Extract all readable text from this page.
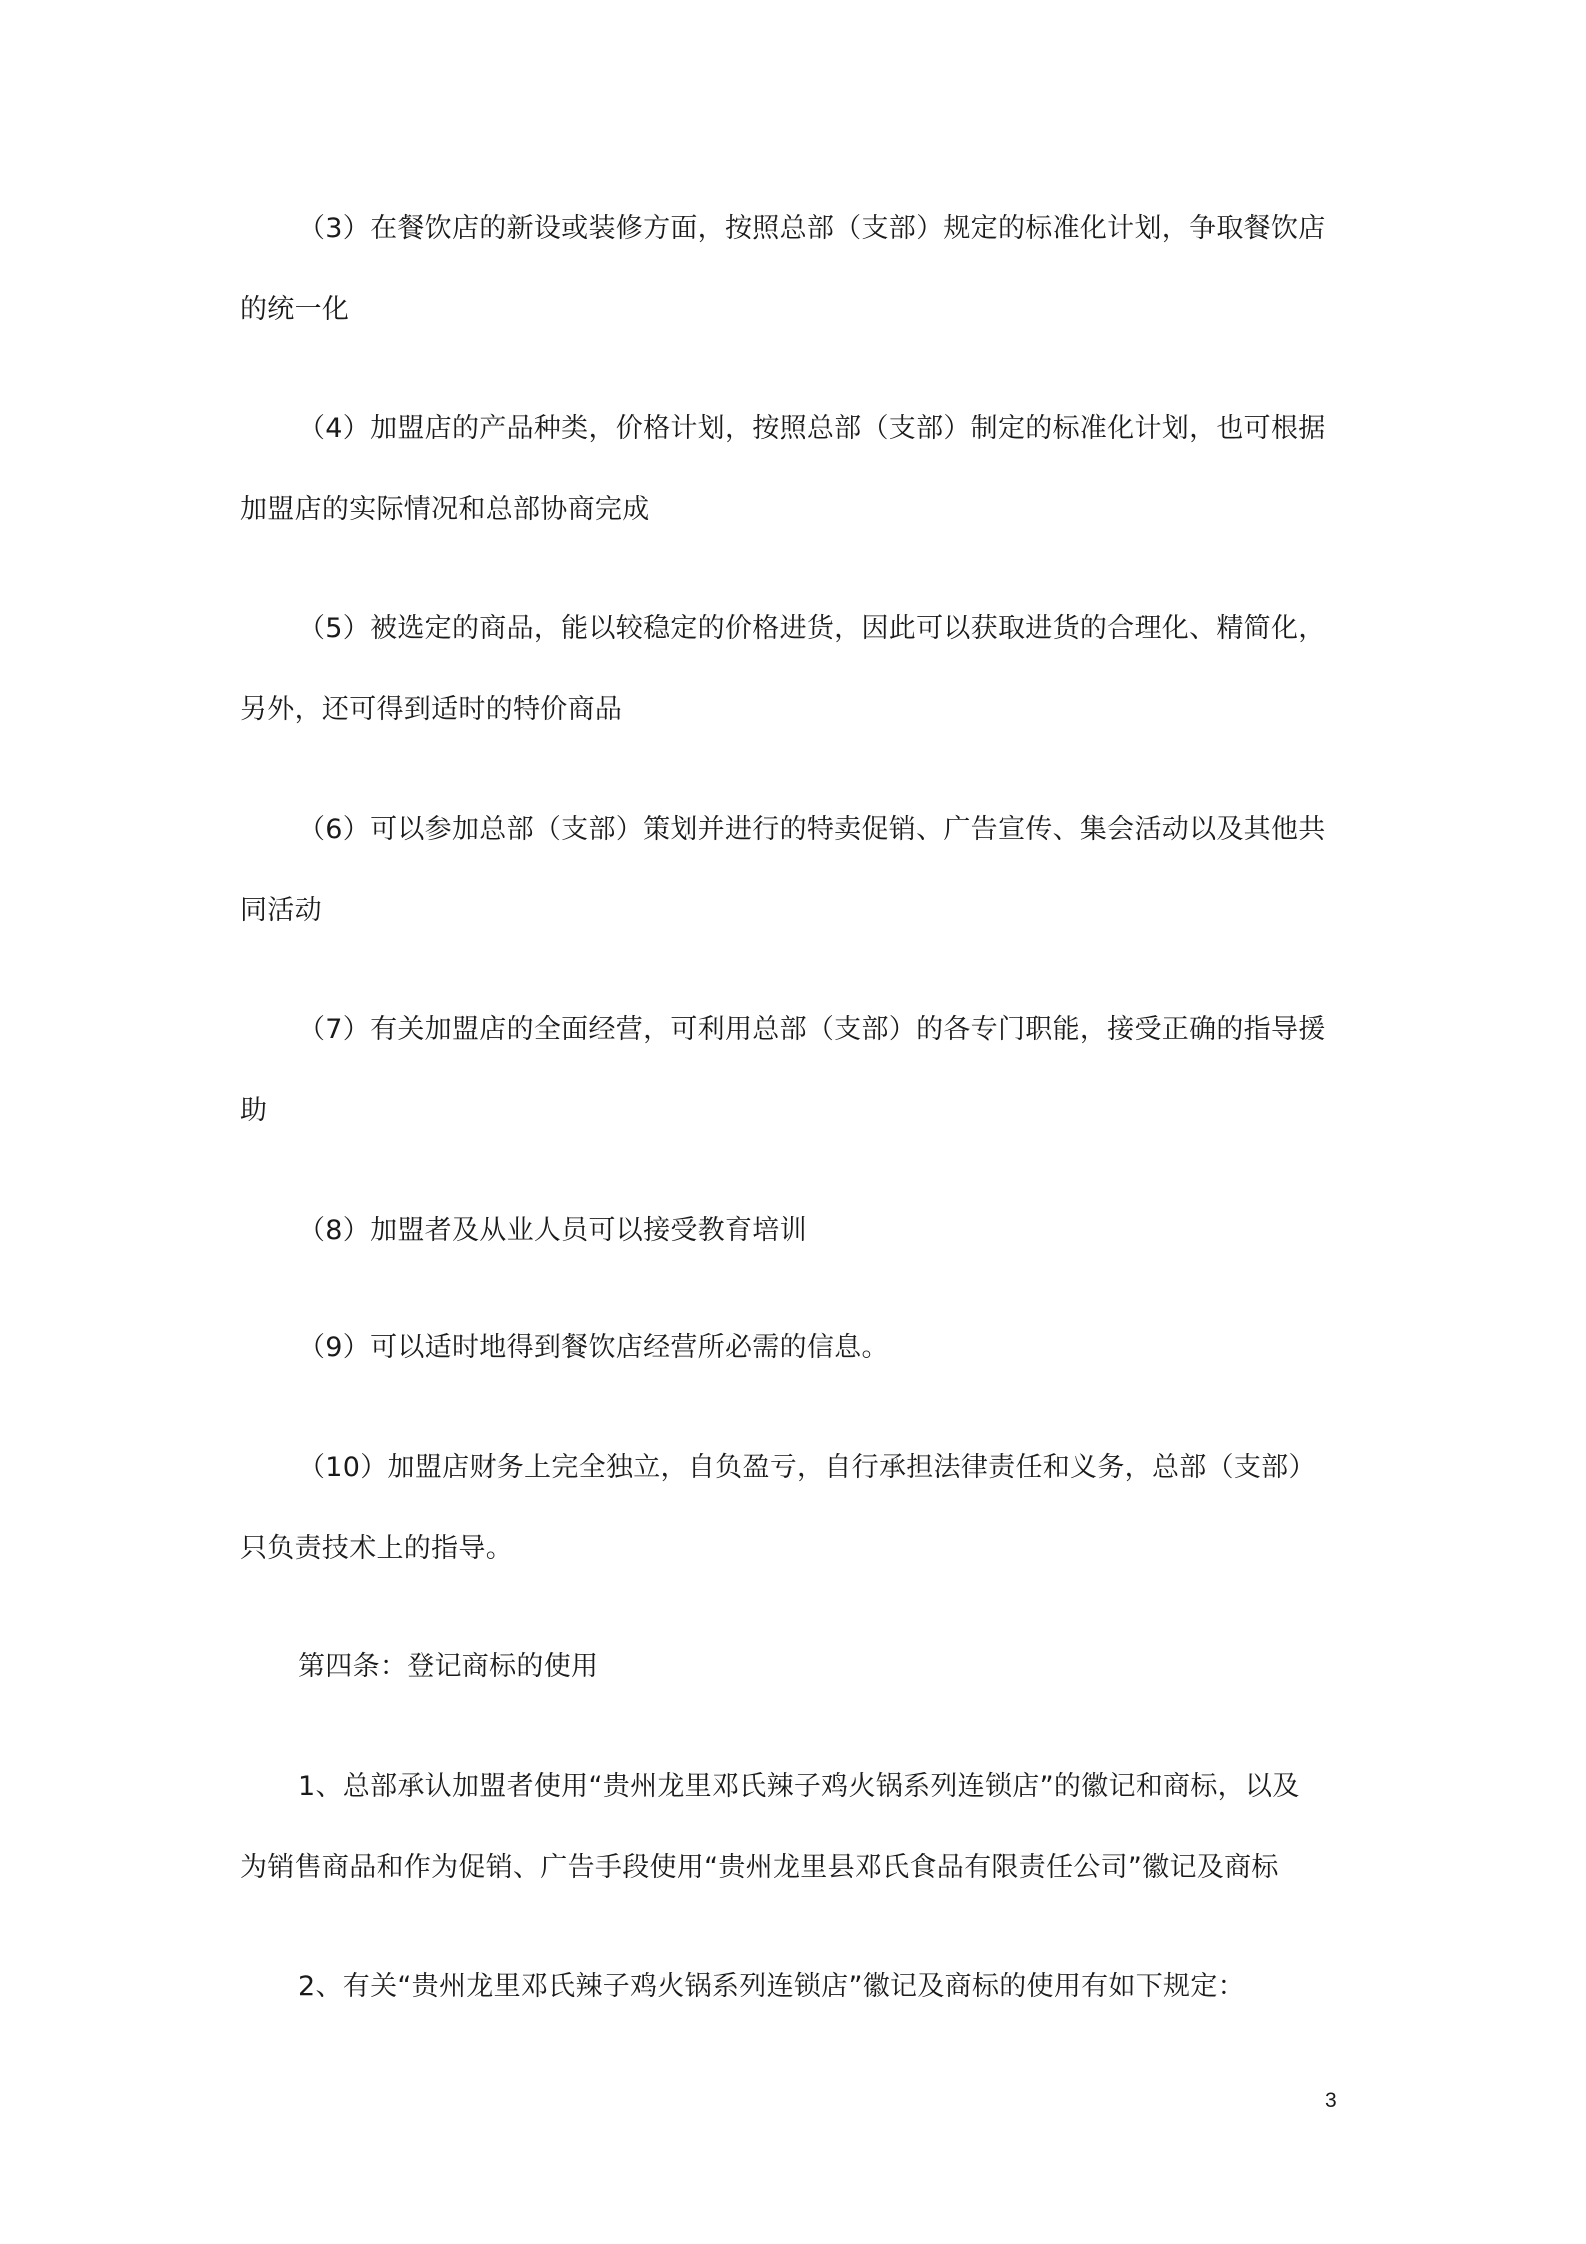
（3）在餐饮店的新设或装修方面，按照总部（支部）规定的标准化计划，争取餐饮店
的统一化
（4）加盟店的产品种类，价格计划，按照总部（支部）制定的标准化计划，也可根据
加盟店的实际情况和总部协商完成
（5）被选定的商品，能以较稳定的价格进货，因此可以获取进货的合理化、精简化，
另外，还可得到适时的特价商品
（6）可以参加总部（支部）策划并进行的特卖促销、广告宣传、集会活动以及其他共
同活动
（7）有关加盟店的全面经营，可利用总部（支部）的各专门职能，接受正确的指导援
助
（8）加盟者及从业人员可以接受教育培训
（9）可以适时地得到餐饮店经营所必需的信息。
（10）加盟店财务上完全独立，自负盈亏，自行承担法律责任和义务，总部（支部）
只负责技术上的指导。
第四条：登记商标的使用
1、总部承认加盟者使用“贵州龙里邓氏辣子鸡火锅系列连锁店”的徽记和商标，以及
为销售商品和作为促销、广告手段使用“贵州龙里县邓氏食品有限责任公司”徽记及商标
2、有关“贵州龙里邓氏辣子鸡火锅系列连锁店”徽记及商标的使用有如下规定：
3
